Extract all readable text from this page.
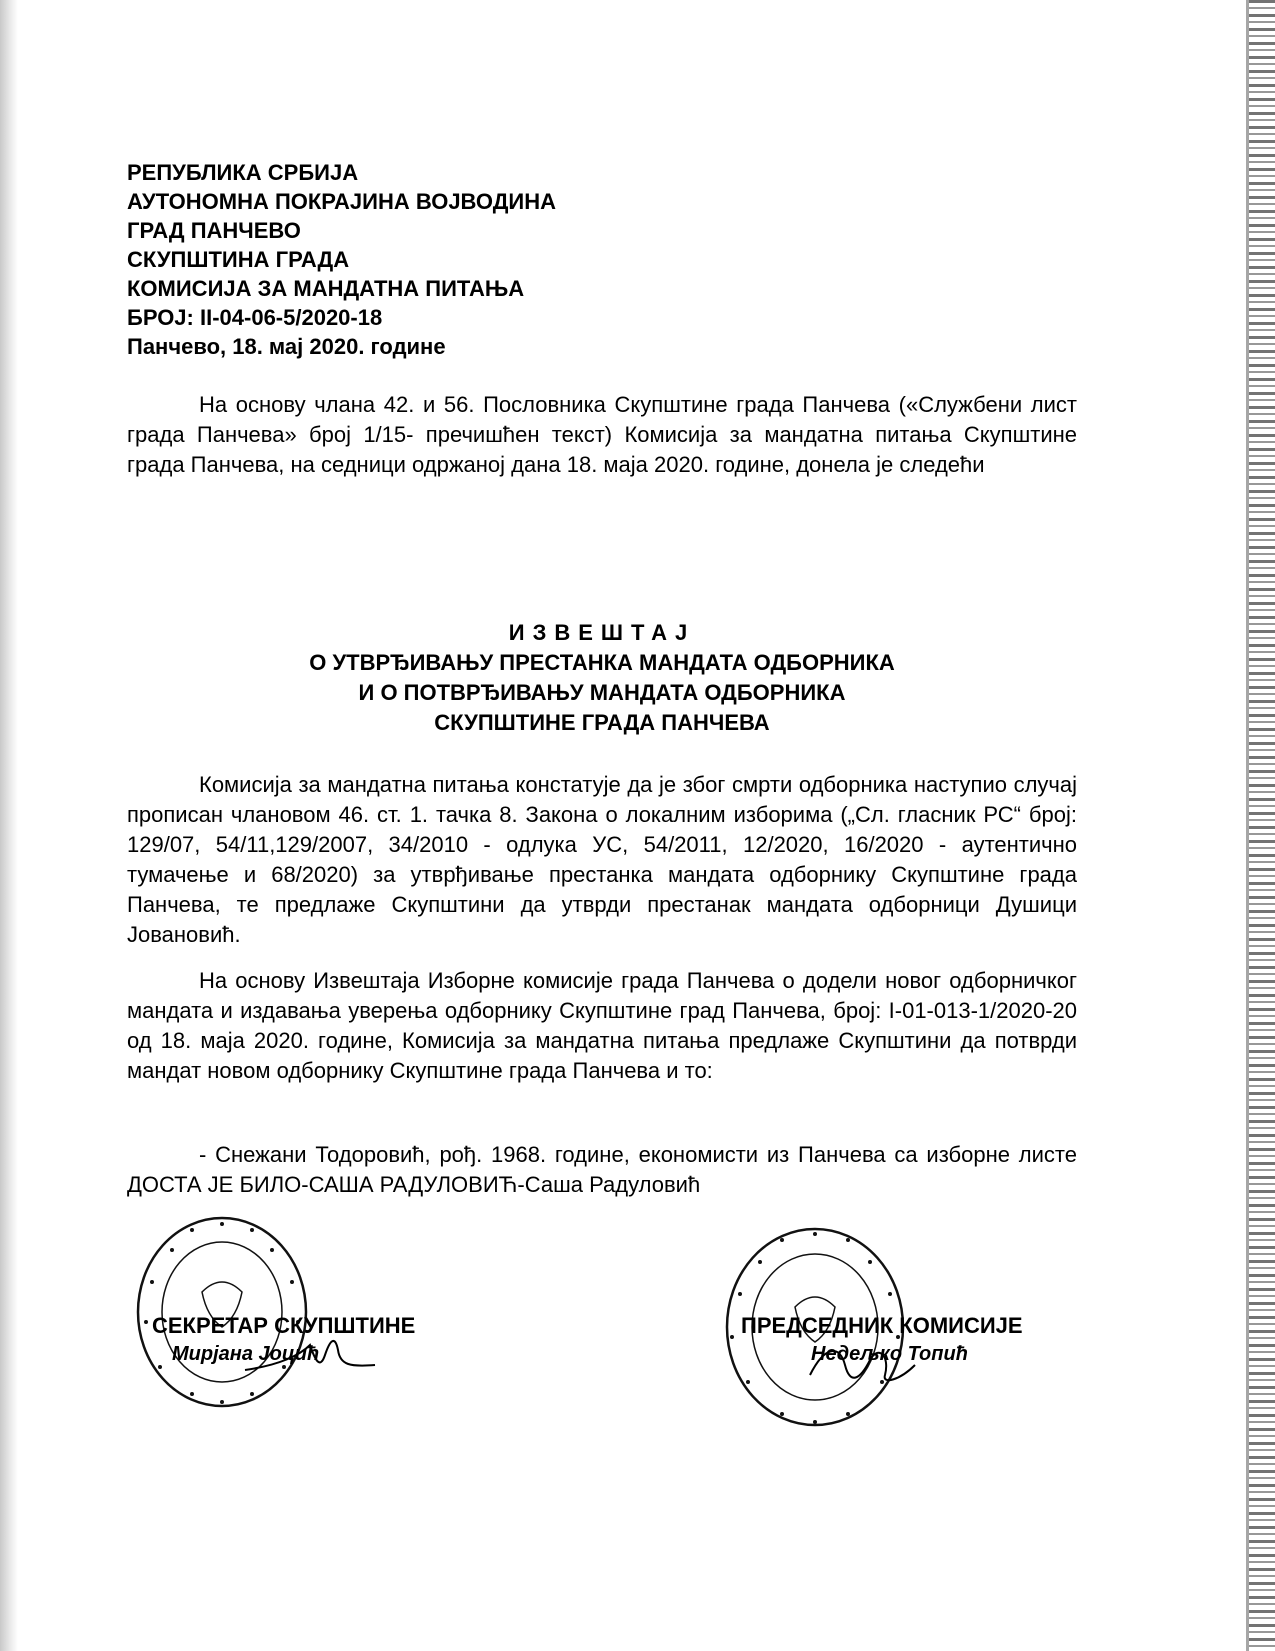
РЕПУБЛИКА СРБИЈА
АУТОНОМНА ПОКРАЈИНА ВОЈВОДИНА
ГРАД ПАНЧЕВО
СКУПШТИНА ГРАДА
КОМИСИЈА ЗА МАНДАТНА ПИТАЊА
БРОЈ: II-04-06-5/2020-18
Панчево, 18. мај 2020. године
На основу члана 42. и 56. Пословника Скупштине града Панчева («Службени лист града Панчева» број 1/15- пречишћен текст) Комисија за мандатна питања Скупштине града Панчева, на седници одржаној дана 18. маја 2020. године, донела је следећи
ИЗВЕШТАЈ
О УТВРЂИВАЊУ ПРЕСТАНКА МАНДАТА ОДБОРНИКА
И О ПОТВРЂИВАЊУ МАНДАТА ОДБОРНИКА
СКУПШТИНЕ ГРАДА ПАНЧЕВА
Комисија за мандатна питања констатује да је због смрти одборника наступио случај прописан члановом 46. ст. 1. тачка 8. Закона о локалним изборима („Сл. гласник РС“ број: 129/07, 54/11,129/2007, 34/2010 - одлука УС, 54/2011, 12/2020, 16/2020 - аутентично тумачење и 68/2020) за утврђивање престанка мандата одборнику Скупштине града Панчева, те предлаже Скупштини да утврди престанак мандата одборници Душици Јовановић.
На основу Извештаја Изборне комисије града Панчева о додели новог одборничког мандата и издавања уверења одборнику Скупштине град Панчева, број: I-01-013-1/2020-20 од 18. маја 2020. године, Комисија за мандатна питања предлаже Скупштини да потврди мандат новом одборнику Скупштине града Панчева и то:
- Снежани Тодоровић, рођ. 1968. године, економисти из Панчева са изборне листе ДОСТА ЈЕ БИЛО-САША РАДУЛОВИЋ-Саша Радуловић
СЕКРЕТАР СКУПШТИНЕ
Мирјана Јоцић
ПРЕДСЕДНИК КОМИСИЈЕ
Недељко Топић
